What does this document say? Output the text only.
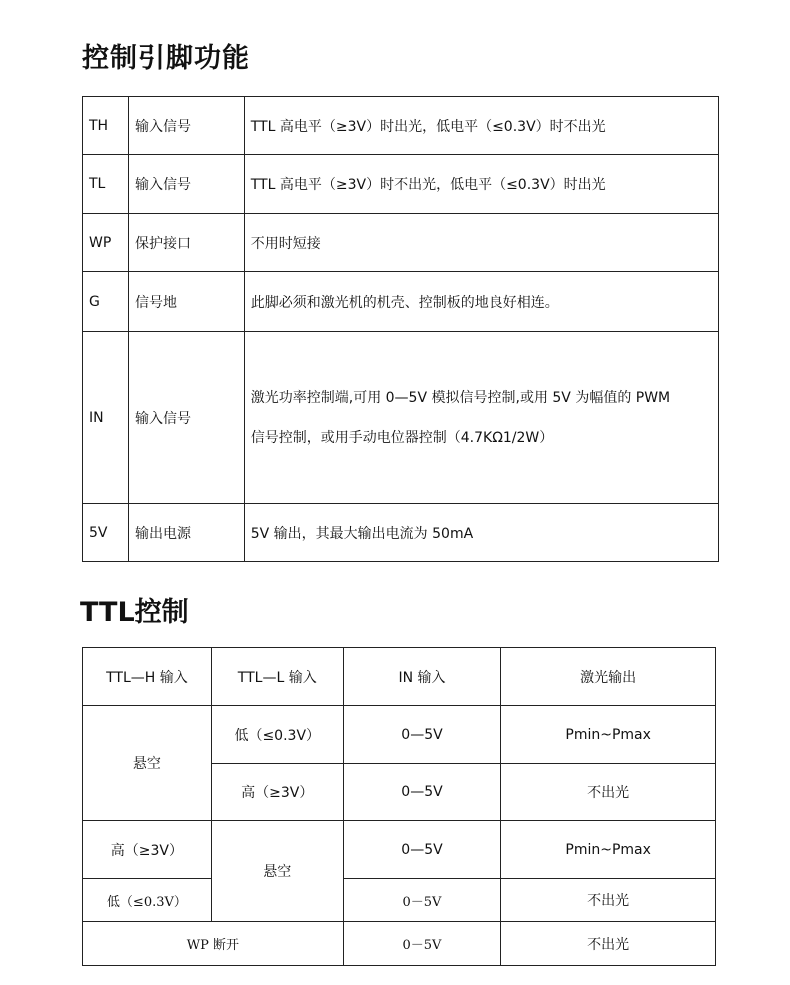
控制引脚功能
TH	输入信号	TTL 高电平（≥3V）时出光，低电平（≤0.3V）时不出光
TL	输入信号	TTL 高电平（≥3V）时不出光，低电平（≤0.3V）时出光
WP	保护接口	不用时短接
G	信号地	此脚必须和激光机的机壳、控制板的地良好相连。
IN	输入信号	激光功率控制端,可用 0—5V 模拟信号控制,或用 5V 为幅值的 PWM
信号控制，或用手动电位器控制（4.7KΩ1/2W）

5V	输出电源	5V 输出，其最大输出电流为 50mA
TTL控制
TTL—H 输入	TTL—L 输入	IN 输入	激光输出
悬空	低（≤0.3V）	0—5V	Pmin~Pmax
	高（≥3V）	0—5V	不出光
高（≥3V）	悬空	0—5V	Pmin~Pmax
低（≤0.3V）		0－5V	不出光
WP 断开		0－5V	不出光
